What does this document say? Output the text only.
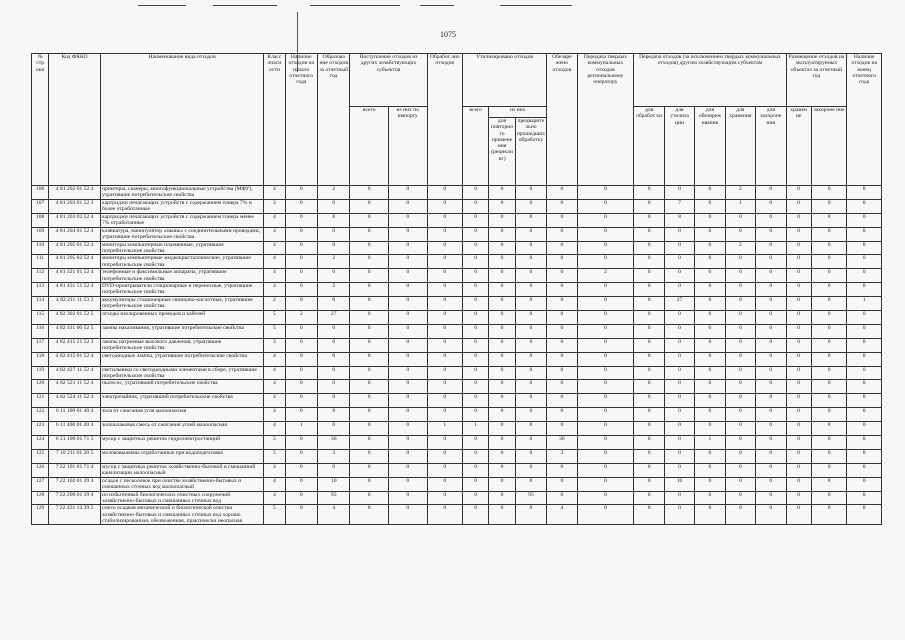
1075
№ стр оки	Код ФККО	Наименование вида отходов	Класс опасн ости	Наличие отходов на начало отчетного года	Образова ние отходов за отчетный год	Поступление отходов из других хозяйствующих субъектов		Обработ ано отходов	Утилизировано отходов			Обезвре жено отходов	Передача твердых коммунальных отходов региональному оператору	Передача отходов (за исключением твердых коммунальных отходов) другим хозяйствующим субъектам					Размещение отходов на эксплуатируемых объектах за отчетный год		Наличие отходов на конец отчетного года
						всего	из них по импорту		всего	из них				для обработ ки	для утилиза ции	для обезвреж ивания	для хранения	для захороне ния	хранен ие	захороне ние	
										для повторно го примене ния (рецикли нг)	предварите льно прошедших обработку										
106	4 81 202 01 52 4	принтеры, сканеры, многофункциональные устройства (МФУ), утратившие потребительские свойства	4	0	2	0	0	0	0	0	0	0	0	0	0	0	2	0	0	0	0
107	4 81 203 01 52 3	картриджи печатающих устройств с содержанием тонера 7% и более отработанные	3	0	0	0	0	0	0	0	0	0	0	0	7	0	1	0	0	0	0
108	4 81 203 02 52 4	картриджи печатающих устройств с содержанием тонера менее 7% отработанные	4	0	8	0	0	0	0	0	0	0	0	0	8	0	0	0	0	0	0
109	4 81 204 01 52 4	клавиатура, манипулятор «мышь» с соединительными проводами, утратившие потребительские свойства	4	0	0	0	0	0	0	0	0	0	0	0	0	0	0	0	0	0	0
110	4 81 205 01 52 4	мониторы компьютерные плазменные, утратившие потребительские свойства	4	0	0	0	0	0	0	0	0	0	0	0	0	0	2	0	0	0	0
111	4 81 205 02 52 4	мониторы компьютерные жидкокристаллические, утратившие потребительские свойства	4	0	2	0	0	0	0	0	0	0	0	0	0	0	0	0	0	0	0
112	4 81 321 01 52 4	телефонные и факсимильные аппараты, утратившие потребительские свойства	4	0	0	0	0	0	0	0	0	0	2	0	0	0	0	0	0	0	0
113	4 81 431 51 52 4	DVD-проигрыватели стационарные и переносные, утратившие потребительские свойства	4	0	2	0	0	0	0	0	0	0	0	0	0	0	0	0	0	0	0
114	4 82 211 11 53 2	аккумуляторы стационарные свинцово-кислотные, утратившие потребительские свойства	2	0	0	0	0	0	0	0	0	0	0	0	27	0	0	0	0	0	1
115	4 82 302 01 52 5	отходы изолированных проводов и кабелей	5	2	27	0	0	0	0	0	0	0	0	0	0	0	0	0	0	0	0
116	4 82 411 00 52 5	лампы накаливания, утратившие потребительские свойства	5	0	0	0	0	0	0	0	0	0	0	0	0	0	0	0	0	0	0
117	4 82 415 21 52 3	лампы натриевые высокого давления, утратившие потребительские свойства	3	0	0	0	0	0	0	0	0	0	0	0	0	0	0	0	0	0	0
118	4 82 415 01 52 4	светодиодные лампы, утратившие потребительские свойства	4	0	0	0	0	0	0	0	0	0	0	0	0	0	0	0	0	0	0
119	4 82 427 11 52 4	светильники со светодиодными элементами в сборе, утратившие потребительские свойства	4	0	0	0	0	0	0	0	0	0	0	0	0	0	0	0	0	0	0
120	4 82 521 11 52 4	пылесос, утративший потребительские свойства	4	0	0	0	0	0	0	0	0	0	0	0	0	0	0	0	0	0	0
121	4 82 524 11 52 4	электрочайник, утративший потребительские свойства	4	0	0	0	0	0	0	0	0	0	0	0	0	0	0	8	0	0	0
122	6 11 100 01 40 4	зола от сжигания угля малоопасная	4	0	8	0	0	0	0	0	0	0	0	0	0	0	0	0	0	0	0
123	6 11 400 01 20 4	золошлаковая смесь от сжигания углей малоопасная	4	1	0	0	0	1	1	0	0	0	0	0	0	0	0	0	0	0	0
124	6 21 100 01 71 5	мусор с защитных решеток гидроэлектростанций	5	0	36	0	0	0	0	0	0	36	0	0	0	1	0	0	0	0	0
125	7 10 211 01 20 5	молоковыжимы отработанные при водоподготовке	5	0	3	0	0	0	0	0	0	3	0	0	0	0	0	0	0	0	0
126	7 22 101 01 71 4	мусор с защитных решеток хозяйственно-бытовой и смешанной канализации малоопасный	4	0	0	0	0	0	0	0	0	0	0	0	0	0	0	0	0	0	0
127	7 22 102 01 39 4	осадок с песколовок при очистке хозяйственно-бытовых и смешанных сточных вод малоопасный	4	0	10	0	0	0	0	0	0	0	0	0	10	0	0	0	0	0	0
128	7 22 200 01 39 4	ил избыточный биологических очистных сооружений хозяйственно-бытовых и смешанных сточных вод	4	0	95	0	0	0	0	0	95	0	0	0	0	0	0	0	0	0	0
129	7 22 431 12 39 5	смесь осадков механической и биологической очистки хозяйственно-бытовых и смешанных сточных вод хорошо стабилизированная, обезвоженная, практически неопасная	5	0	4	0	0	0	0	0	0	4	0	0	0	0	0	0	0	0	0
